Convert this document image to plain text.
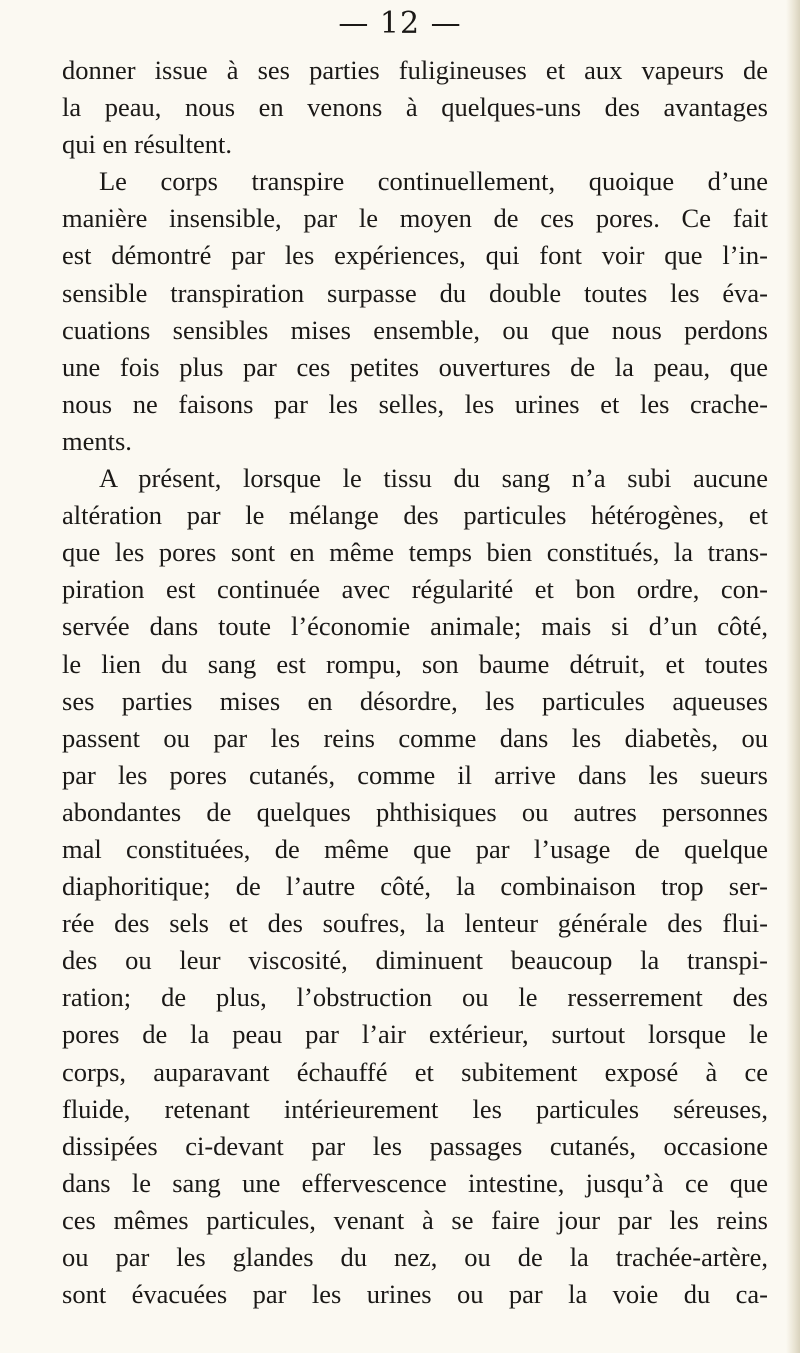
— 12 —
donner issue à ses parties fuligineuses et aux vapeurs de
la peau, nous en venons à quelques-uns des avantages
qui en résultent.
Le corps transpire continuellement, quoique d’une
manière insensible, par le moyen de ces pores. Ce fait
est démontré par les expériences, qui font voir que l’in-
sensible transpiration surpasse du double toutes les éva-
cuations sensibles mises ensemble, ou que nous perdons
une fois plus par ces petites ouvertures de la peau, que
nous ne faisons par les selles, les urines et les crache-
ments.
A présent, lorsque le tissu du sang n’a subi aucune
altération par le mélange des particules hétérogènes, et
que les pores sont en même temps bien constitués, la trans-
piration est continuée avec régularité et bon ordre, con-
servée dans toute l’économie animale; mais si d’un côté,
le lien du sang est rompu, son baume détruit, et toutes
ses parties mises en désordre, les particules aqueuses
passent ou par les reins comme dans les diabetès, ou
par les pores cutanés, comme il arrive dans les sueurs
abondantes de quelques phthisiques ou autres personnes
mal constituées, de même que par l’usage de quelque
diaphoritique; de l’autre côté, la combinaison trop ser-
rée des sels et des soufres, la lenteur générale des flui-
des ou leur viscosité, diminuent beaucoup la transpi-
ration; de plus, l’obstruction ou le resserrement des
pores de la peau par l’air extérieur, surtout lorsque le
corps, auparavant échauffé et subitement exposé à ce
fluide, retenant intérieurement les particules séreuses,
dissipées ci-devant par les passages cutanés, occasione
dans le sang une effervescence intestine, jusqu’à ce que
ces mêmes particules, venant à se faire jour par les reins
ou par les glandes du nez, ou de la trachée-artère,
sont évacuées par les urines ou par la voie du ca-
